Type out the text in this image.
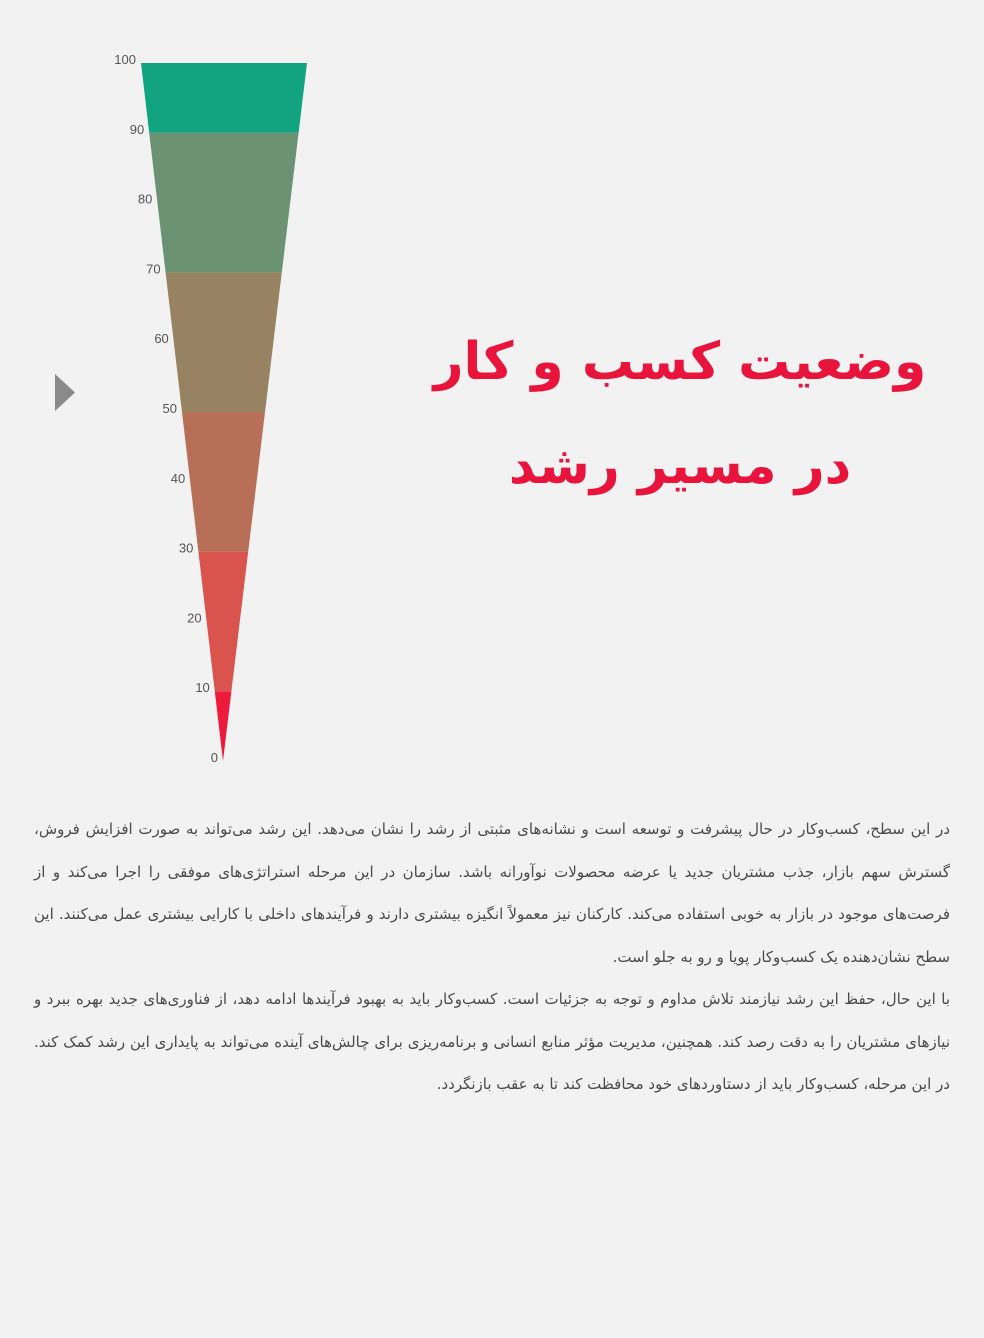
0
10
20
30
40
50
60
70
80
90
100
وضعیت کسب و کار
در مسیر رشد

در این سطح، کسب‌وکار در حال پیشرفت و توسعه است و نشانه‌های مثبتی از رشد را نشان می‌دهد. این رشد می‌تواند به صورت افزایش فروش، گسترش سهم بازار، جذب مشتریان جدید یا عرضه محصولات نوآورانه باشد. سازمان در این مرحله استراتژی‌های موفقی را اجرا می‌کند و از فرصت‌های موجود در بازار به خوبی استفاده می‌کند. کارکنان نیز معمولاً انگیزه بیشتری دارند و فرآیندهای داخلی با کارایی بیشتری عمل می‌کنند. این سطح نشان‌دهنده یک کسب‌وکار پویا و رو به جلو است.

با این حال، حفظ این رشد نیازمند تلاش مداوم و توجه به جزئیات است. کسب‌وکار باید به بهبود فرآیندها ادامه دهد، از فناوری‌های جدید بهره ببرد و نیازهای مشتریان را به دقت رصد کند. همچنین، مدیریت مؤثر منابع انسانی و برنامه‌ریزی برای چالش‌های آینده می‌تواند به پایداری این رشد کمک کند. در این مرحله، کسب‌وکار باید از دستاوردهای خود محافظت کند تا به عقب بازنگردد.
